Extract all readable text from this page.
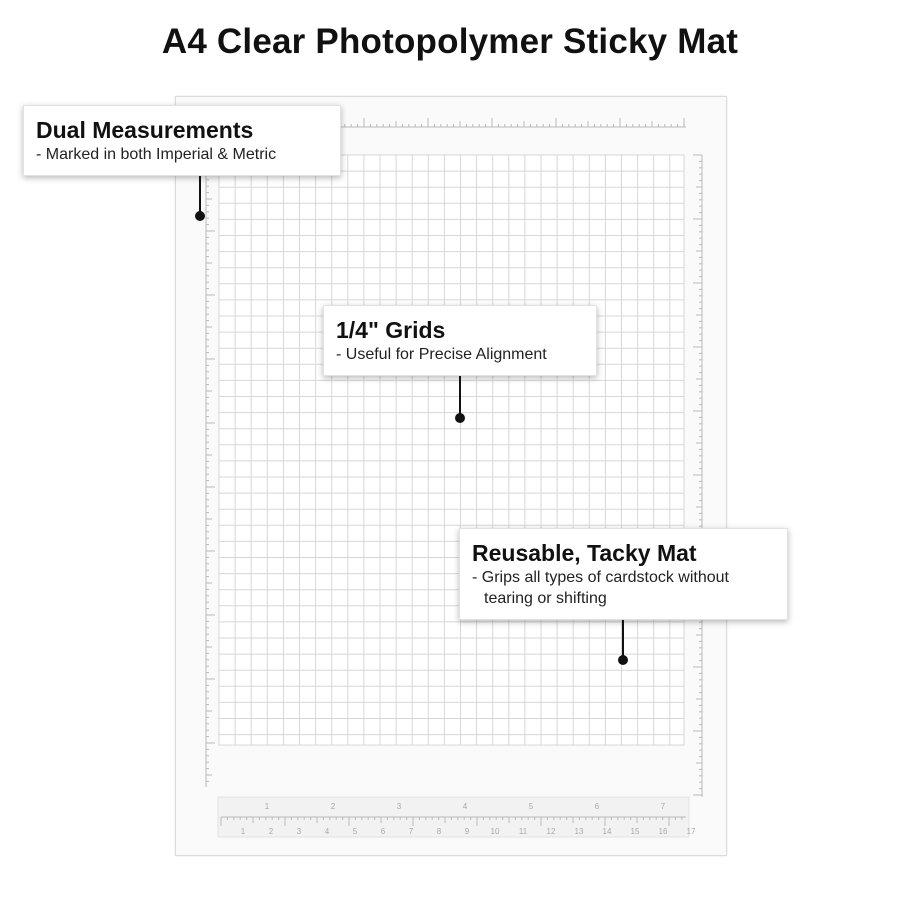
A4 Clear Photopolymer Sticky Mat
1	2	3	4	5	6	7	8	9	10 11 12 13 14 15 16 17
1	2	3	4	5	6	7
Dual Measurements
- Marked in both Imperial & Metric
1/4" Grids
- Useful for Precise Alignment
Reusable, Tacky Mat
- Grips all types of cardstock without
tearing or shifting
